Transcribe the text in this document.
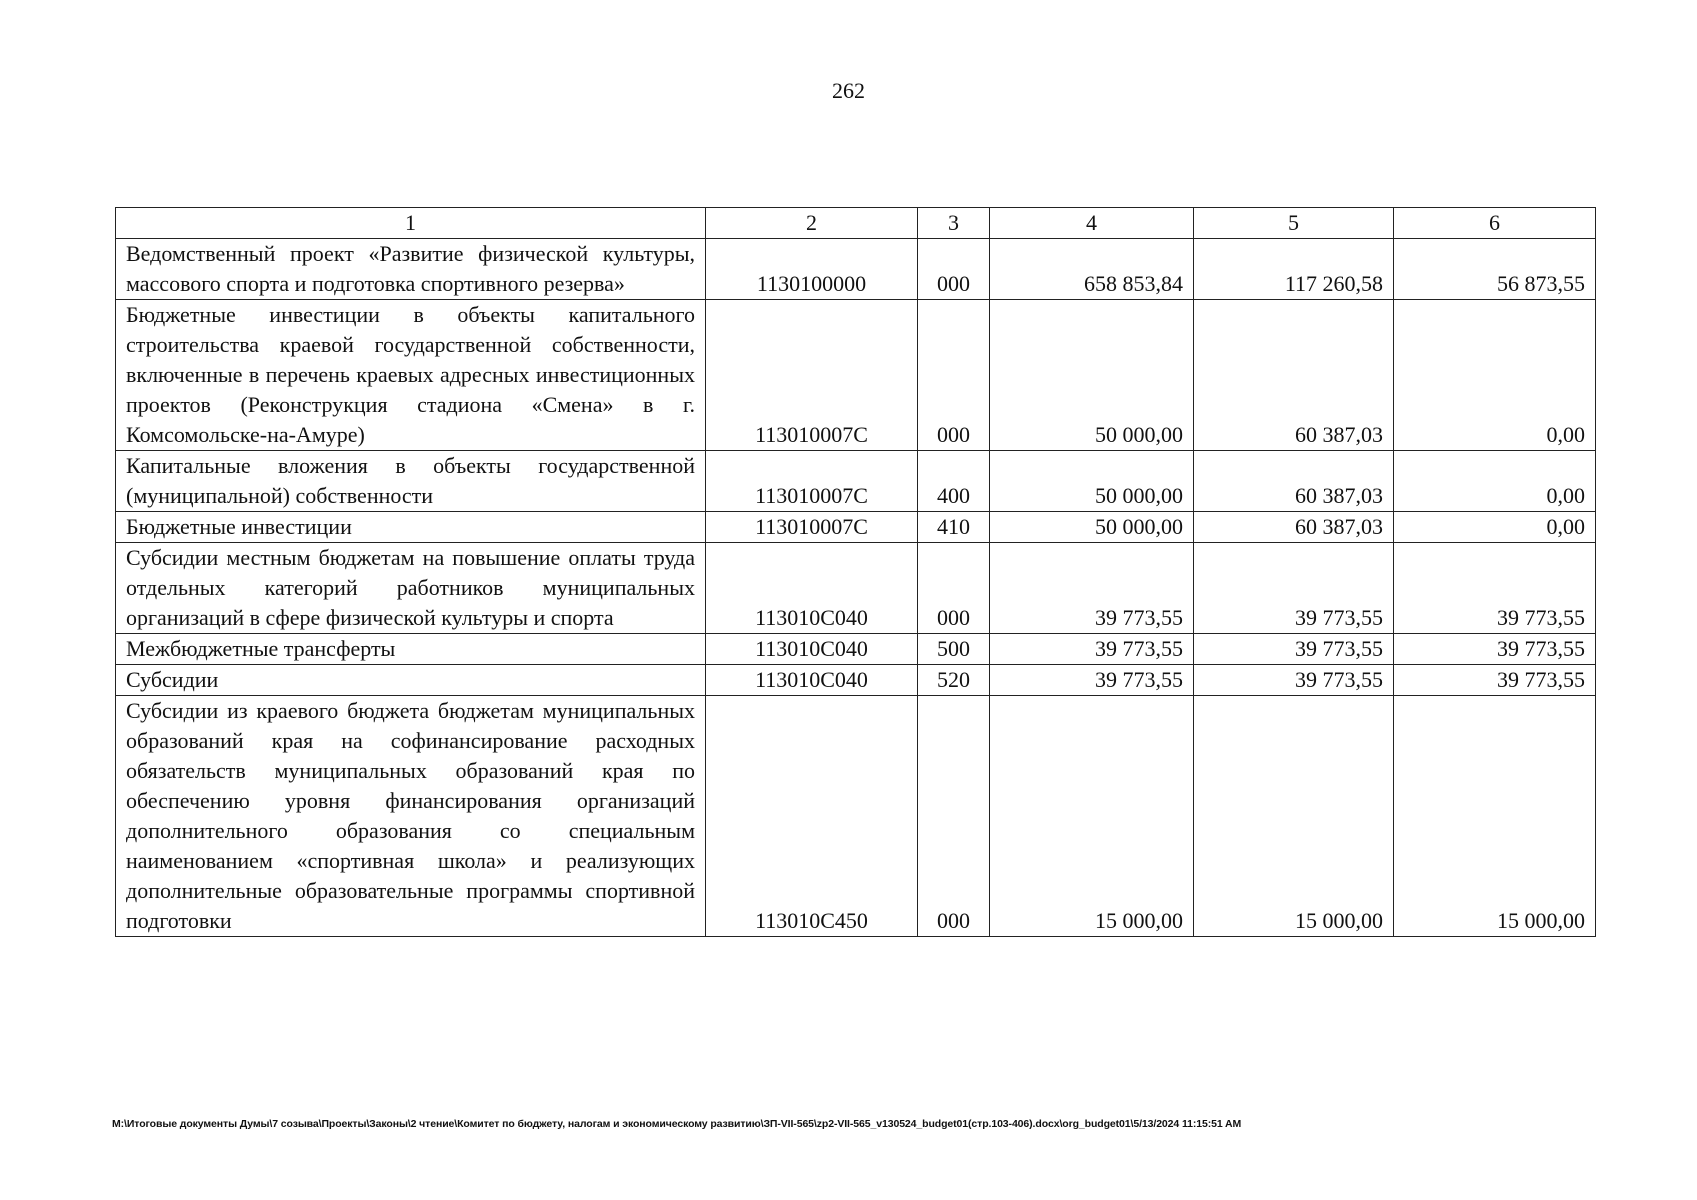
262
1	2	3	4	5	6
Ведомственный проект «Развитие физической культуры, массового спорта и подготовка спортивного резерва»	1130100000	000	658 853,84	117 260,58	56 873,55
Бюджетные инвестиции в объекты капитального строительства краевой государственной собственности, включенные в перечень краевых адресных инвестиционных проектов (Реконструкция стадиона «Смена» в г. Комсомольске-на-Амуре)	113010007С	000	50 000,00	60 387,03	0,00
Капитальные вложения в объекты государственной (муниципальной) собственности	113010007С	400	50 000,00	60 387,03	0,00
Бюджетные инвестиции	113010007С	410	50 000,00	60 387,03	0,00
Субсидии местным бюджетам на повышение оплаты труда отдельных категорий работников муниципальных организаций в сфере физической культуры и спорта	113010С040	000	39 773,55	39 773,55	39 773,55
Межбюджетные трансферты	113010С040	500	39 773,55	39 773,55	39 773,55
Субсидии	113010С040	520	39 773,55	39 773,55	39 773,55
Субсидии из краевого бюджета бюджетам муниципальных образований края на софинансирование расходных обязательств муниципальных образований края по обеспечению уровня финансирования организаций дополнительного образования со специальным наименованием «спортивная школа» и реализующих дополнительные образовательные программы спортивной подготовки	113010С450	000	15 000,00	15 000,00	15 000,00
М:\Итоговые документы Думы\7 созыва\Проекты\Законы\2 чтение\Комитет по бюджету, налогам и экономическому развитию\ЗП-VII-565\zp2-VII-565_v130524_budget01(стр.103-406).docx\org_budget01\5/13/2024 11:15:51 AM
